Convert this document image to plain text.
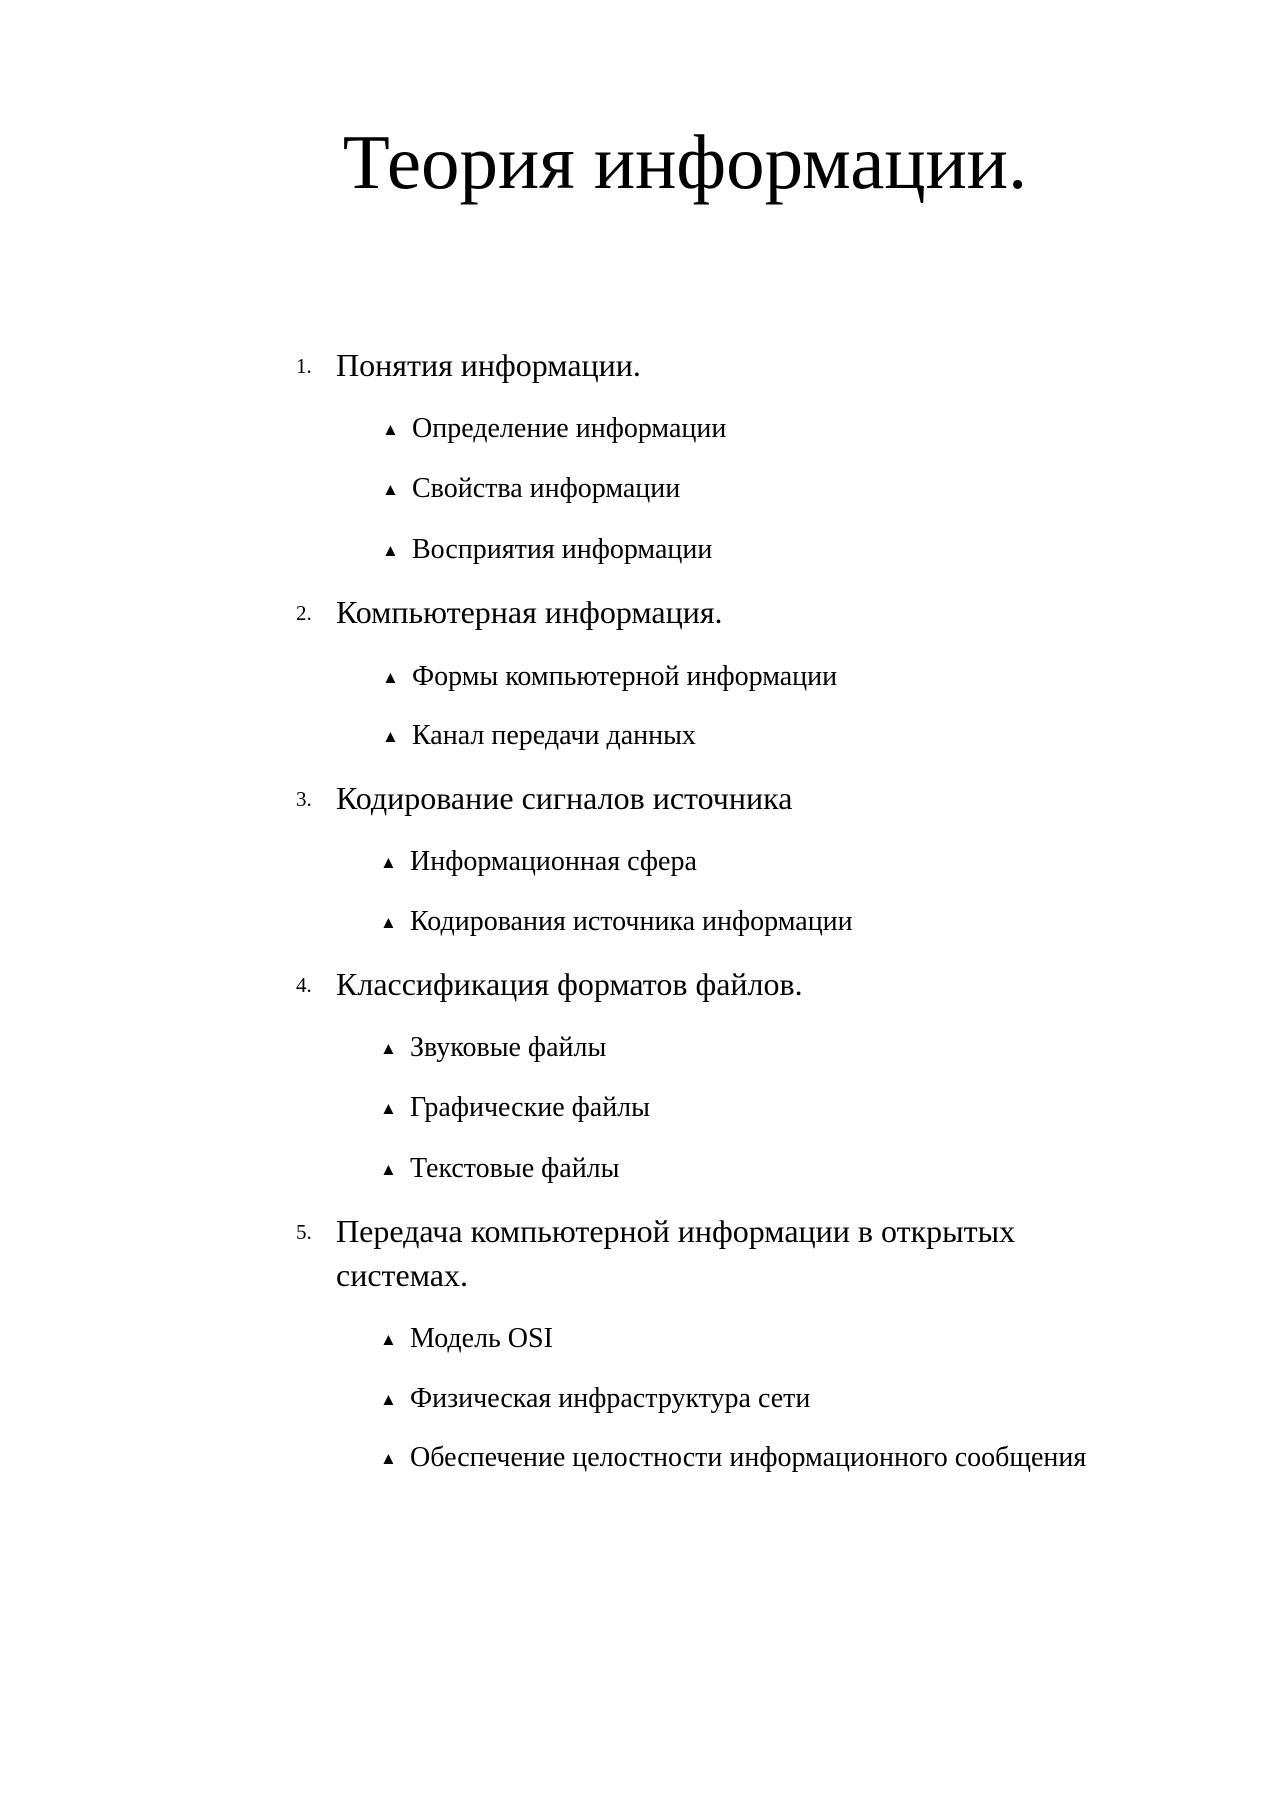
Теория информации.
1. Понятия информации.
▲ Определение информации
▲ Свойства информации
▲ Восприятия информации
2. Компьютерная информация.
▲ Формы компьютерной информации
▲ Канал передачи данных
3. Кодирование сигналов источника
▲ Информационная сфера
▲ Кодирования источника информации
4. Классификация форматов файлов.
▲ Звуковые файлы
▲ Графические файлы
▲ Текстовые файлы
5. Передача компьютерной информации в открытых системах.
▲ Модель OSI
▲ Физическая инфраструктура сети
▲ Обеспечение целостности информационного сообщения
